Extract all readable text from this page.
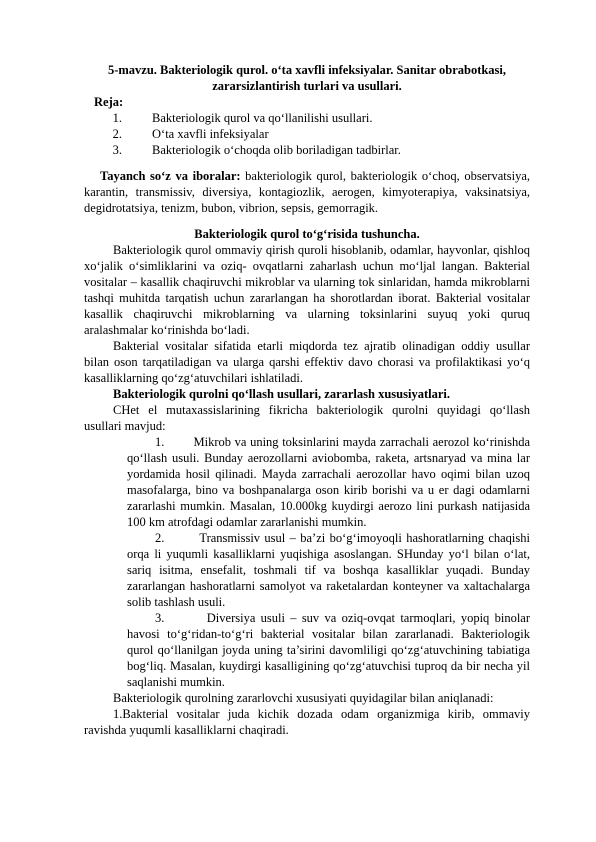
5-mavzu. Bakteriologik qurol. o‘ta xavfli infeksiyalar. Sanitar obrabotkasi, zararsizlantirish turlari va usullari.
Reja:
1. Bakteriologik qurol va qo‘llanilishi usullari.
2. O‘ta xavfli infeksiyalar
3. Bakteriologik o‘choqda olib boriladigan tadbirlar.

Tayanch so‘z va iboralar: bakteriologik qurol, bakteriologik o‘choq, observatsiya, karantin, transmissiv, diversiya, kontagiozlik, aerogen, kimyoterapiya, vaksinatsiya, degidrotatsiya, tenizm, bubon, vibrion, sepsis, gemorragik.

Bakteriologik qurol to‘g‘risida tushuncha.

Bakteriologik qurol ommaviy qirish quroli hisoblanib, odamlar, hayvonlar, qishloq xo‘jalik o‘simliklarini va oziq- ovqatlarni zaharlash uchun mo‘ljal langan. Bakterial vositalar – kasallik chaqiruvchi mikroblar va ularning tok sinlaridan, hamda mikroblarni tashqi muhitda tarqatish uchun zararlangan ha shorotlardan iborat. Bakterial vositalar kasallik chaqiruvchi mikroblarning va ularning toksinlarini suyuq yoki quruq aralashmalar ko‘rinishda bo‘ladi.

Bakterial vositalar sifatida etarli miqdorda tez ajratib olinadigan oddiy usullar bilan oson tarqatiladigan va ularga qarshi effektiv davo chorasi va profilaktikasi yo‘q kasalliklarning qo‘zg‘atuvchilari ishlatiladi.

Bakteriologik qurolni qo‘llash usullari, zararlash xususiyatlari.

CHet el mutaxassislarining fikricha bakteriologik qurolni quyidagi qo‘llash usullari mavjud:

1. Mikrob va uning toksinlarini mayda zarrachali aerozol ko‘rinishda qo‘llash usuli. Bunday aerozollarni aviobomba, raketa, artsnaryad va mina lar yordamida hosil qilinadi. Mayda zarrachali aerozollar havo oqimi bilan uzoq masofalarga, bino va boshpanalarga oson kirib borishi va u er dagi odamlarni zararlashi mumkin. Masalan, 10.000kg kuydirgi aerozo lini purkash natijasida 100 km atrofdagi odamlar zararlanishi mumkin.

2.	Transmissiv usul – ba’zi bo‘g‘imoyoqli hashoratlarning chaqishi orqa li yuqumli kasalliklarni yuqishiga asoslangan. SHunday yo‘l bilan o‘lat, sariq isitma, ensefalit, toshmali tif va boshqa kasalliklar yuqadi. Bunday zararlangan hashoratlarni samolyot va raketalardan konteyner va xaltachalarga solib tashlash usuli.

3.	Diversiya usuli – suv va oziq-ovqat tarmoqlari, yopiq binolar havosi to‘g‘ridan-to‘g‘ri bakterial vositalar bilan zararlanadi. Bakteriologik qurol qo‘llanilgan joyda uning ta’sirini davomliligi qo‘zg‘atuvchining tabiatiga bog‘liq. Masalan, kuydirgi kasalligining qo‘zg‘atuvchisi tuproq da bir necha yil saqlanishi mumkin.

Bakteriologik qurolning zararlovchi xususiyati quyidagilar bilan aniqlanadi:

1.Bakterial vositalar juda kichik dozada odam organizmiga kirib, ommaviy ravishda yuqumli kasalliklarni chaqiradi.
